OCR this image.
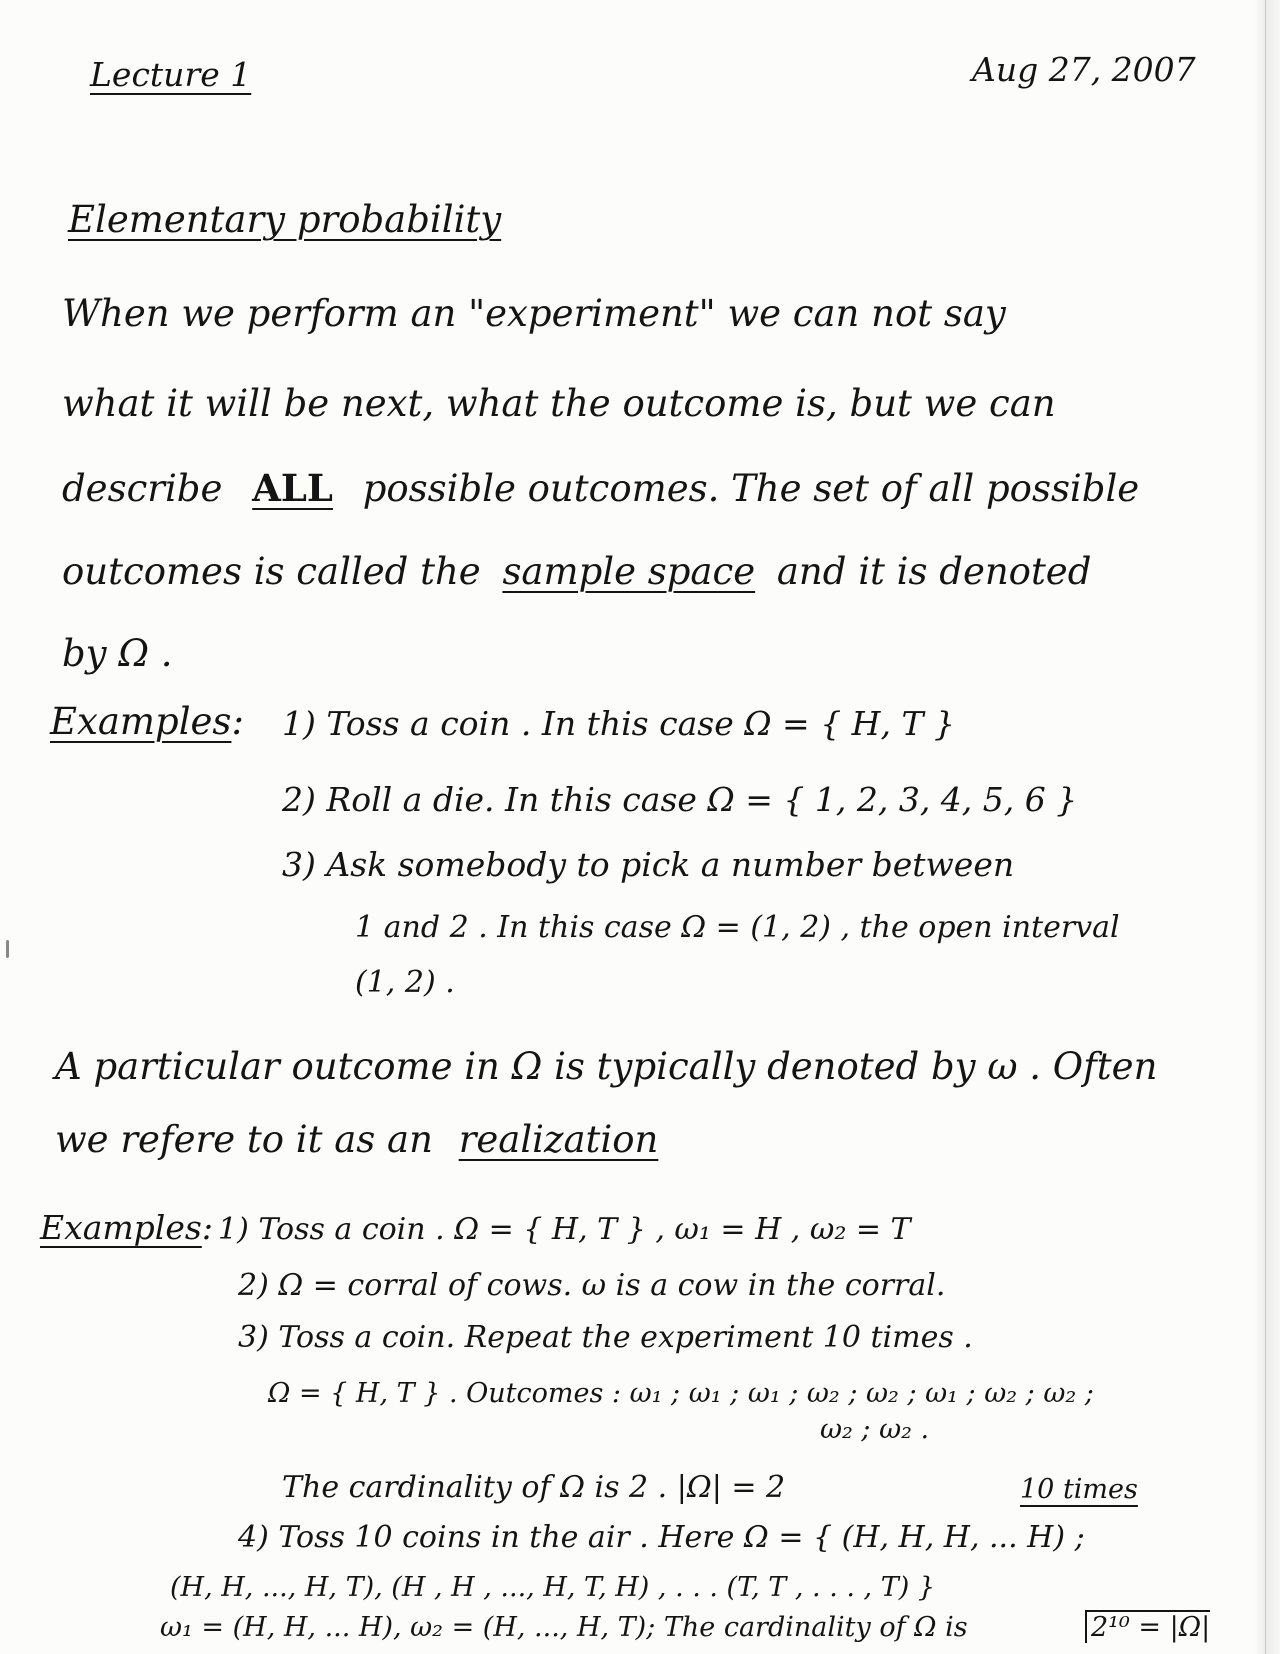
Lecture 1	Aug 27, 2007
Elementary probability
When we perform an "experiment" we can not say
what it will be next, what the outcome is, but we can
describe ALL possible outcomes. The set of all possible
outcomes is called the sample space and it is denoted
by Ω .
Examples: 1) Toss a coin . In this case Ω = { H, T }
2) Roll a die. In this case Ω = { 1, 2, 3, 4, 5, 6 }
3) Ask somebody to pick a number between
1 and 2 . In this case Ω = (1, 2) , the open interval
(1, 2) .
A particular outcome in Ω is typically denoted by ω . Often
we refere to it as an realization
Examples: 1) Toss a coin . Ω = { H, T } , ω₁ = H , ω₂ = T
2) Ω = corral of cows. ω is a cow in the corral.
3) Toss a coin. Repeat the experiment 10 times .
Ω = { H, T } . Outcomes : ω₁ ; ω₁ ; ω₁ ; ω₂ ; ω₂ ; ω₁ ; ω₂ ; ω₂ ;
ω₂ ; ω₂ .
The cardinality of Ω is 2 . |Ω| = 2	10 times
4) Toss 10 coins in the air . Here Ω = { (H, H, H, ... H) ;
(H, H, ..., H, T), (H , H , ..., H, T, H) , . . . (T, T , . . . , T) }
ω₁ = (H, H, ... H), ω₂ = (H, ..., H, T); The cardinality of Ω is	2¹⁰ = |Ω|
